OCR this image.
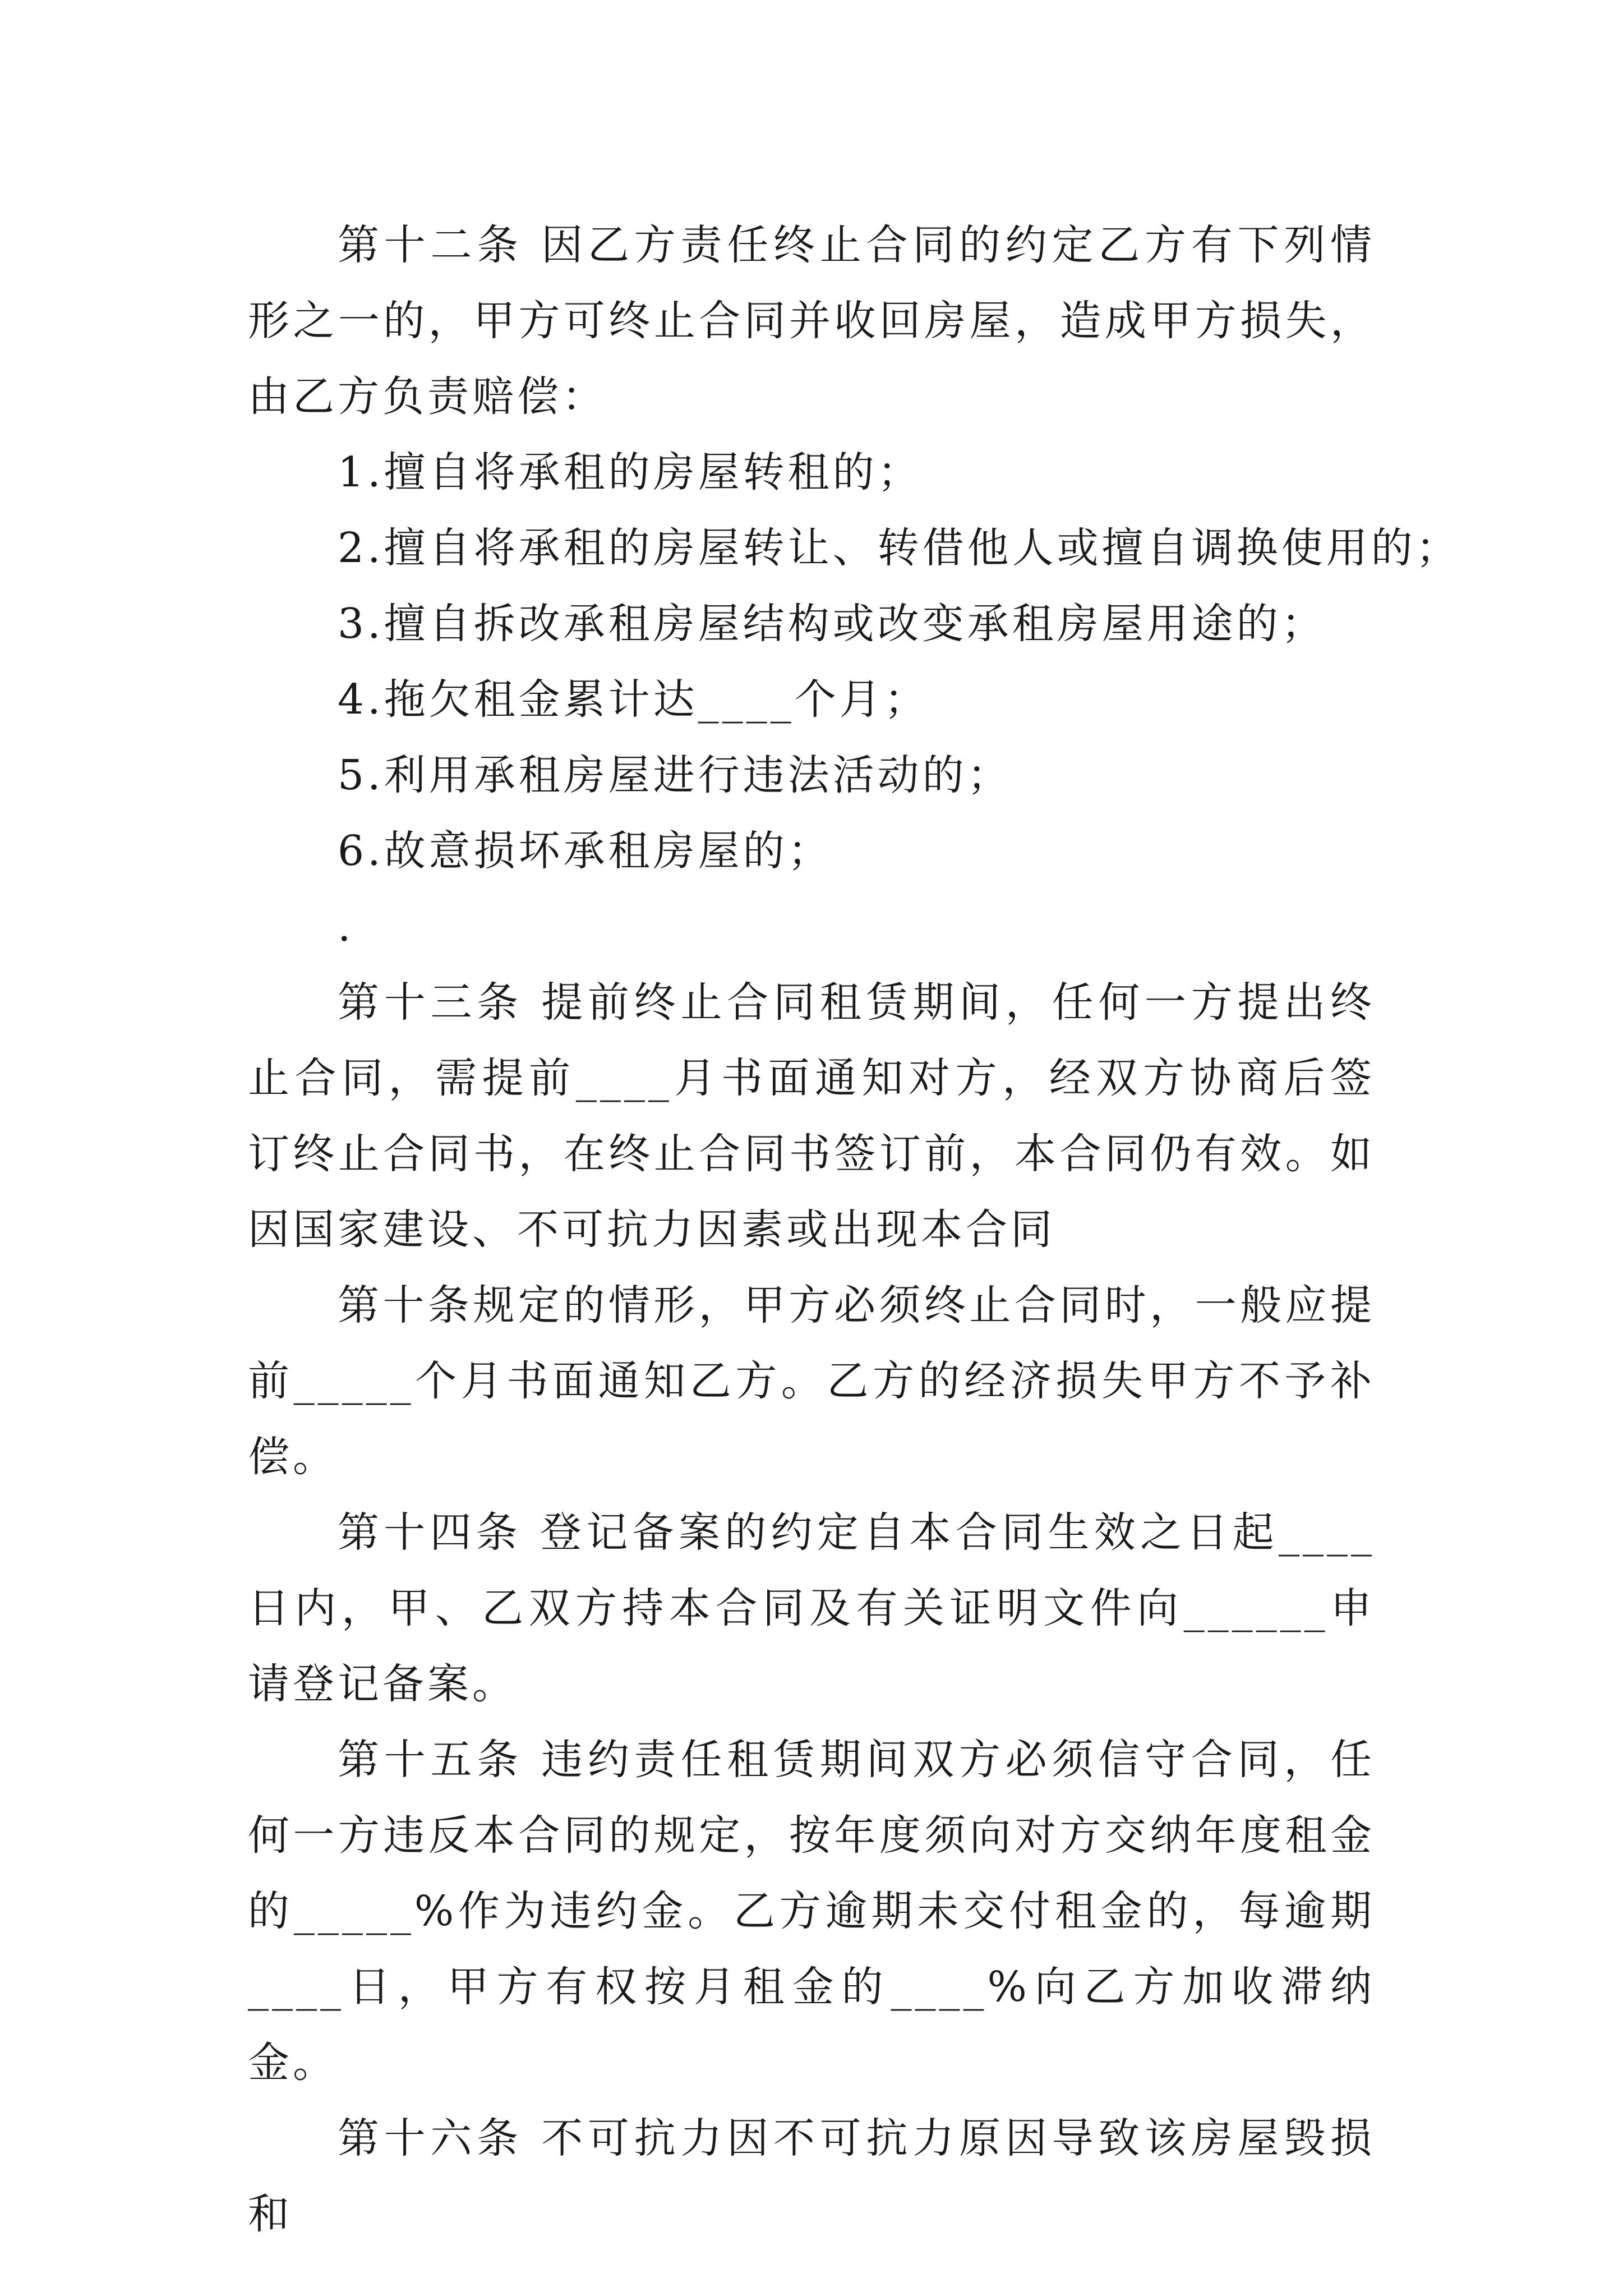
第十二条 因乙方责任终止合同的约定乙方有下列情形之一的，甲方可终止合同并收回房屋，造成甲方损失，由乙方负责赔偿：

1.擅自将承租的房屋转租的；

2.擅自将承租的房屋转让、转借他人或擅自调换使用的；

3.擅自拆改承租房屋结构或改变承租房屋用途的；

4.拖欠租金累计达____个月；

5.利用承租房屋进行违法活动的；

6.故意损坏承租房屋的；

.

第十三条 提前终止合同租赁期间，任何一方提出终止合同，需提前____月书面通知对方，经双方协商后签订终止合同书，在终止合同书签订前，本合同仍有效。如因国家建设、不可抗力因素或出现本合同

第十条规定的情形，甲方必须终止合同时，一般应提前_____个月书面通知乙方。乙方的经济损失甲方不予补偿。

第十四条 登记备案的约定自本合同生效之日起____日内，甲、乙双方持本合同及有关证明文件向______申请登记备案。

第十五条 违约责任租赁期间双方必须信守合同，任何一方违反本合同的规定，按年度须向对方交纳年度租金的_____%作为违约金。乙方逾期未交付租金的，每逾期____日，甲方有权按月租金的____%向乙方加收滞纳金。

第十六条 不可抗力因不可抗力原因导致该房屋毁损和
